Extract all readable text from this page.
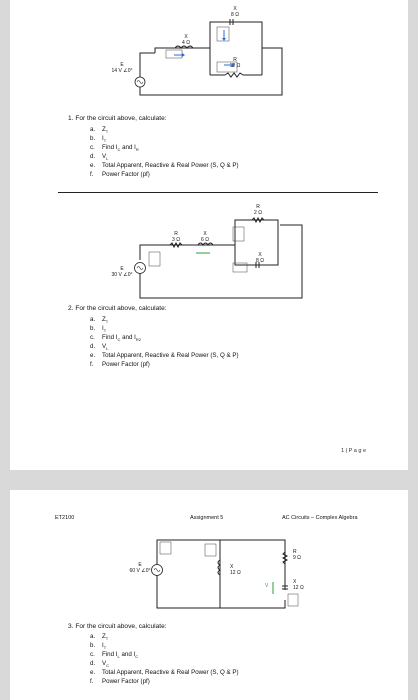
X
4 Ω
X
8 Ω
R
12 Ω
E
14 V ∠0°
R
3 Ω
X
6 Ω
R
2 Ω
X
8 Ω
E
30 V ∠0°
1. For the circuit above, calculate:
a. $Z_T$
b. $I_T$
c. Find $I_C$ and $I_R$
d. $V_L$
e. Total Apparent, Reactive & Real Power (S, Q & P)
f. Power Factor (pf)
2. For the circuit above, calculate:
a. $Z_T$
b. $I_T$
c. Find $I_C$ and $I_{R2}$
d. $V_L$
e. Total Apparent, Reactive & Real Power (S, Q & P)
f. Power Factor (pf)
1 | P a g e
ET2100	Assignment 5	AC Circuits – Complex Algebra
X
12 Ω
R
9 Ω
X
12 Ω
V
E
60 V ∠0°
3. For the circuit above, calculate:
a. $Z_T$
b. $I_T$
c. Find $I_L$ and $I_C$
d. $V_C$
e. Total Apparent, Reactive & Real Power (S, Q & P)
f. Power Factor (pf)
